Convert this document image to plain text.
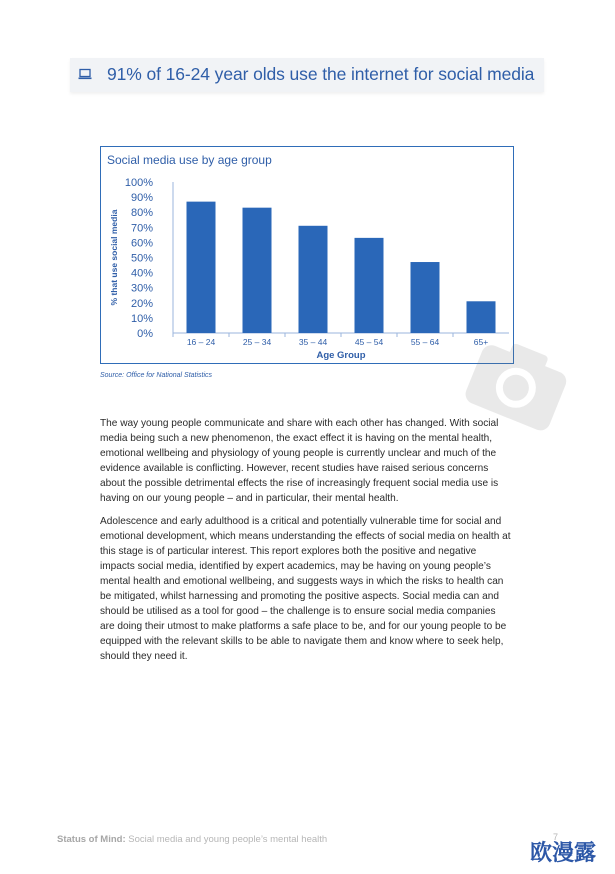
91% of 16-24 year olds use the internet for social media
0%
10%
20%
30%
40%
50%
60%
70%
80%
90%
100%
% that use social media
16 – 24	25 – 34	35 – 44	45 – 54	55 – 64	65+
Age Group
Social media use by age group
Source: Office for National Statistics

The way young people communicate and share with each other has changed. With social media being such a new phenomenon, the exact effect it is having on the mental health, emotional wellbeing and physiology of young people is currently unclear and much of the evidence available is conflicting. However, recent studies have raised serious concerns about the possible detrimental effects the rise of increasingly frequent social media use is having on our young people – and in particular, their mental health.

Adolescence and early adulthood is a critical and potentially vulnerable time for social and emotional development, which means understanding the effects of social media on health at this stage is of particular interest. This report explores both the positive and negative impacts social media, identified by expert academics, may be having on young people’s mental health and emotional wellbeing, and suggests ways in which the risks to health can be mitigated, whilst harnessing and promoting the positive aspects. Social media can and should be utilised as a tool for good – the challenge is to ensure social media companies are doing their utmost to make platforms a safe place to be, and for our young people to be equipped with the relevant skills to be able to navigate them and know where to seek help, should they need it.

Status of Mind: Social media and young people’s mental health	7
欧漫露
